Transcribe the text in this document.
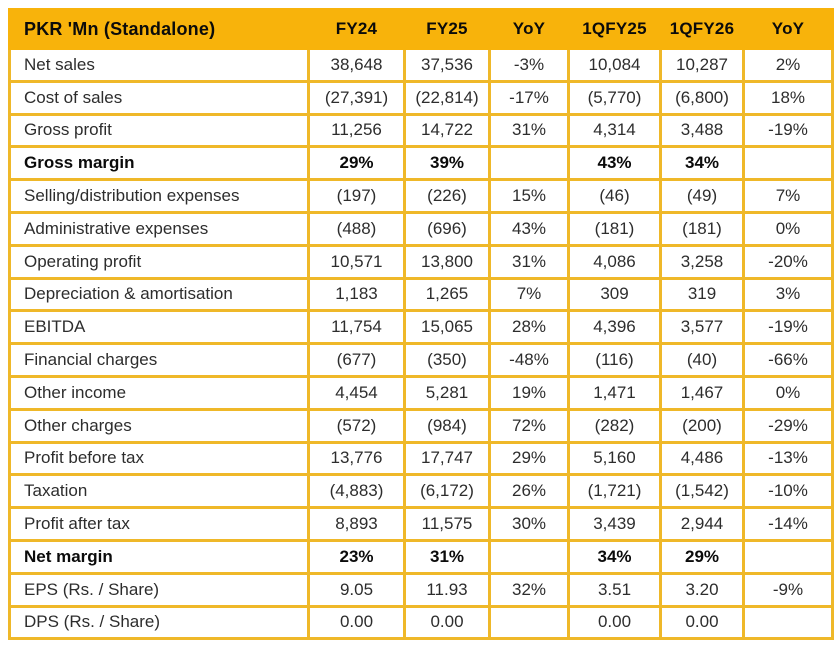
PKR 'Mn (Standalone)	FY24	FY25	YoY	1QFY25	1QFY26	YoY
Net sales	38,648	37,536	-3%	10,084	10,287	2%
Cost of sales	(27,391)	(22,814)	-17%	(5,770)	(6,800)	18%
Gross profit	11,256	14,722	31%	4,314	3,488	-19%
Gross margin	29%	39%		43%	34%	
Selling/distribution expenses	(197)	(226)	15%	(46)	(49)	7%
Administrative expenses	(488)	(696)	43%	(181)	(181)	0%
Operating profit	10,571	13,800	31%	4,086	3,258	-20%
Depreciation & amortisation	1,183	1,265	7%	309	319	3%
EBITDA	11,754	15,065	28%	4,396	3,577	-19%
Financial charges	(677)	(350)	-48%	(116)	(40)	-66%
Other income	4,454	5,281	19%	1,471	1,467	0%
Other charges	(572)	(984)	72%	(282)	(200)	-29%
Profit before tax	13,776	17,747	29%	5,160	4,486	-13%
Taxation	(4,883)	(6,172)	26%	(1,721)	(1,542)	-10%
Profit after tax	8,893	11,575	30%	3,439	2,944	-14%
Net margin	23%	31%		34%	29%	
EPS (Rs. / Share)	9.05	11.93	32%	3.51	3.20	-9%
DPS (Rs. / Share)	0.00	0.00		0.00	0.00	
